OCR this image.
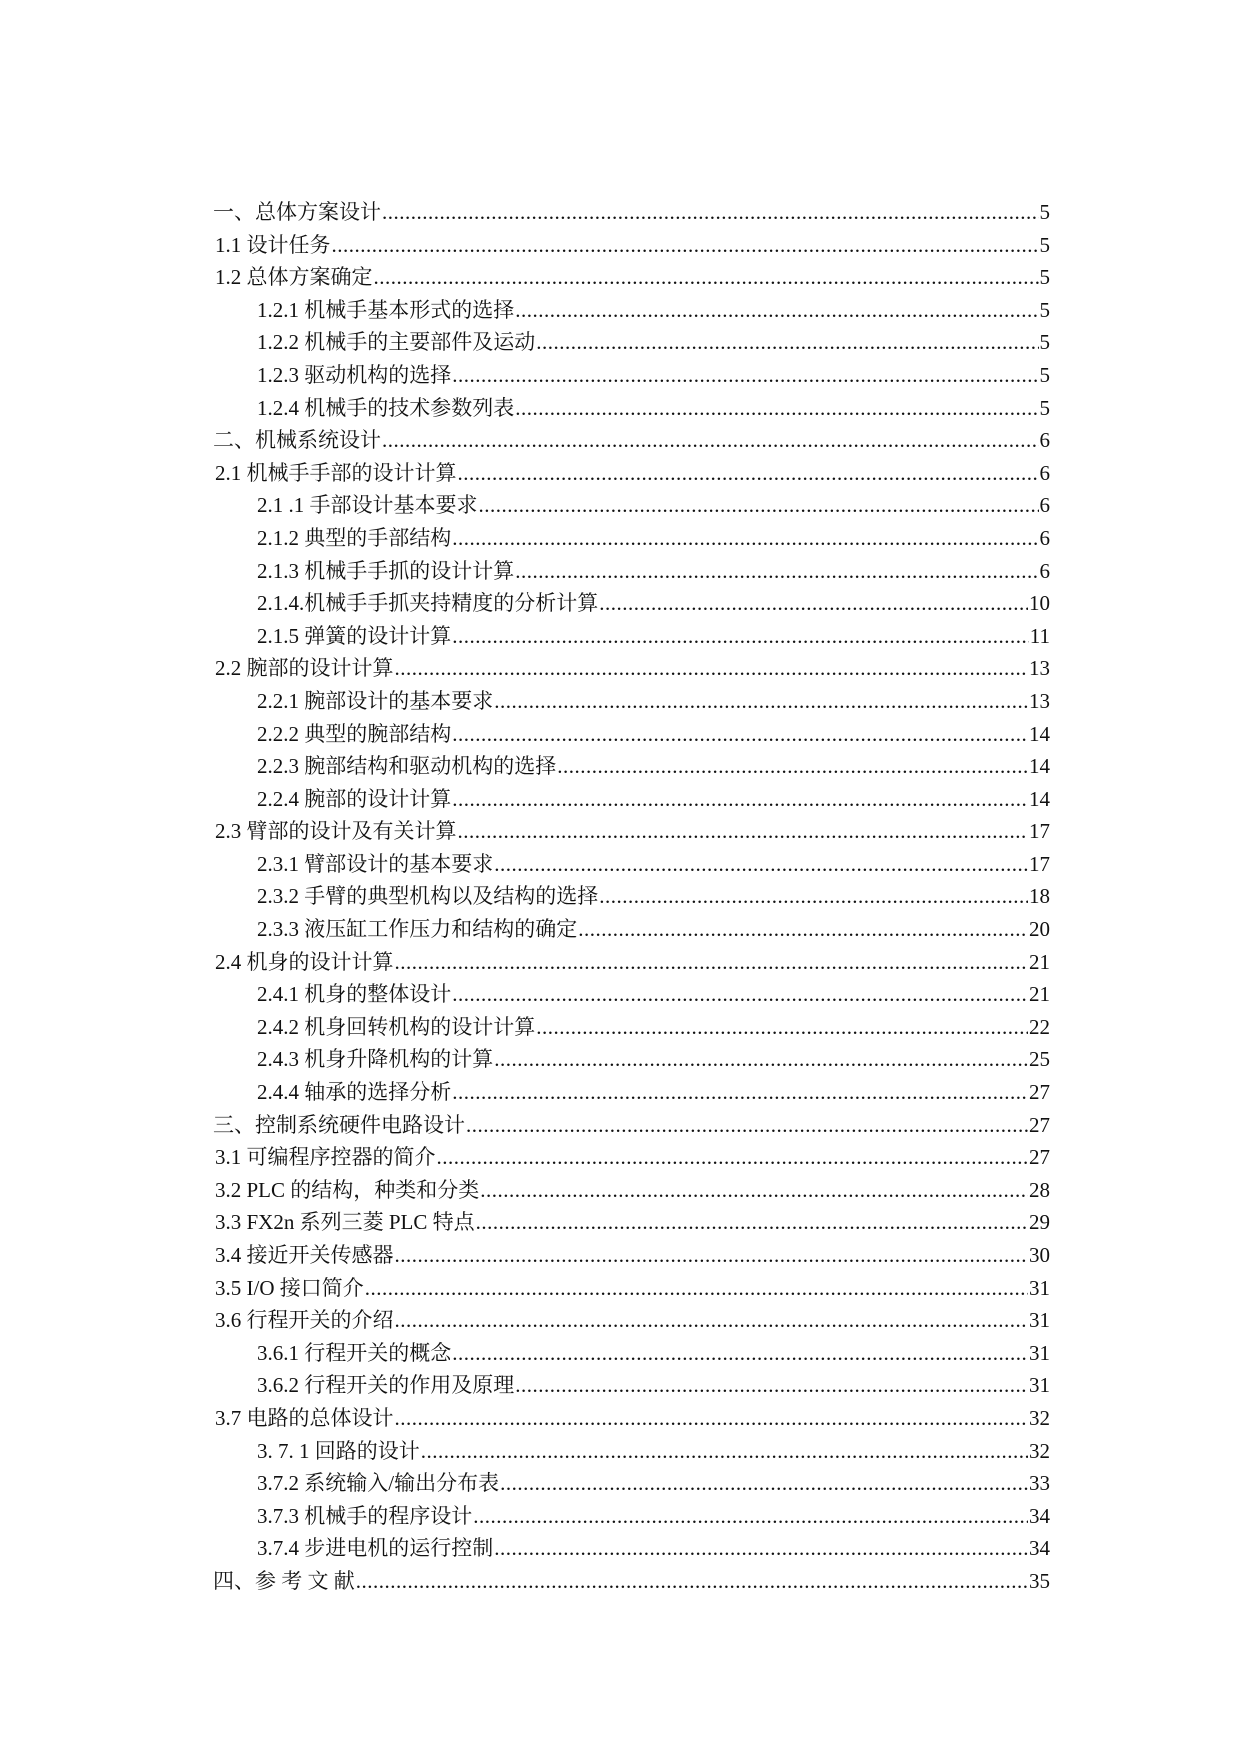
一、总体方案设计 .....	5
1.1 设计任务 .....	5
1.2 总体方案确定 .....	5
1.2.1 机械手基本形式的选择 .....	5
1.2.2 机械手的主要部件及运动 .....	5
1.2.3 驱动机构的选择 .....	5
1.2.4 机械手的技术参数列表 .....	5
二、机械系统设计 .....	6
2.1 机械手手部的设计计算 .....	6
2.1 .1 手部设计基本要求 .....	6
2.1.2 典型的手部结构 .....	6
2.1.3 机械手手抓的设计计算 .....	6
2.1.4.机械手手抓夹持精度的分析计算 .....	10
2.1.5 弹簧的设计计算 .....	11
2.2 腕部的设计计算 .....	13
2.2.1 腕部设计的基本要求 .....	13
2.2.2 典型的腕部结构 .....	14
2.2.3 腕部结构和驱动机构的选择 .....	14
2.2.4 腕部的设计计算 .....	14
2.3 臂部的设计及有关计算 .....	17
2.3.1 臂部设计的基本要求 .....	17
2.3.2 手臂的典型机构以及结构的选择 .....	18
2.3.3 液压缸工作压力和结构的确定 .....	20
2.4 机身的设计计算 .....	21
2.4.1 机身的整体设计 .....	21
2.4.2 机身回转机构的设计计算 .....	22
2.4.3 机身升降机构的计算 .....	25
2.4.4 轴承的选择分析 .....	27
三、控制系统硬件电路设计 .....	27
3.1 可编程序控器的简介 .....	27
3.2 PLC 的结构，种类和分类 .....	28
3.3 FX2n 系列三菱 PLC 特点 .....	29
3.4 接近开关传感器 .....	30
3.5 I/O 接口简介 .....	31
3.6 行程开关的介绍 .....	31
3.6.1 行程开关的概念 .....	31
3.6.2 行程开关的作用及原理 .....	31
3.7 电路的总体设计 .....	32
3. 7. 1 回路的设计 .....	32
3.7.2 系统输入/输出分布表 .....	33
3.7.3 机械手的程序设计 .....	34
3.7.4 步进电机的运行控制 .....	34
四、参 考 文 献 .....	35
